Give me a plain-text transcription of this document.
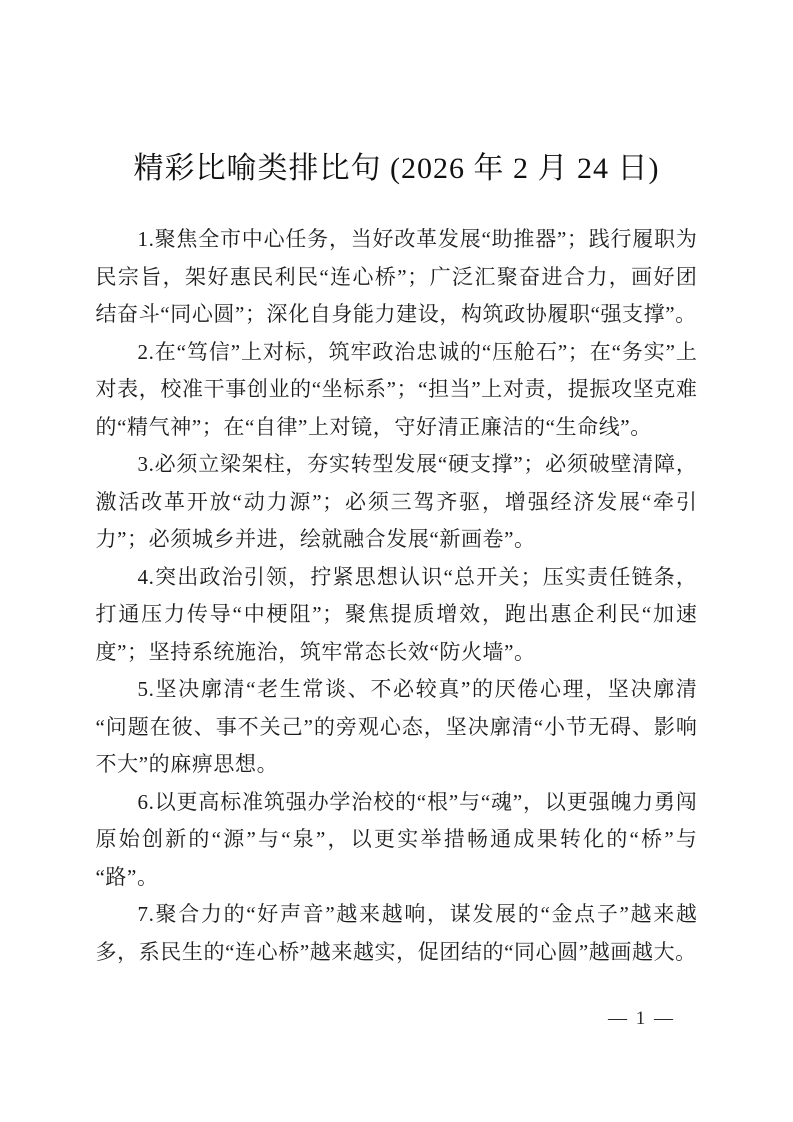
精彩比喻类排比句 (2026 年 2 月 24 日)

1.聚焦全市中心任务，当好改革发展“助推器”；践行履职为民宗旨，架好惠民利民“连心桥”；广泛汇聚奋进合力，画好团结奋斗“同心圆”；深化自身能力建设，构筑政协履职“强支撑”。

2.在“笃信”上对标，筑牢政治忠诚的“压舱石”；在“务实”上对表，校准干事创业的“坐标系”；“担当”上对责，提振攻坚克难的“精气神”；在“自律”上对镜，守好清正廉洁的“生命线”。

3.必须立梁架柱，夯实转型发展“硬支撑”；必须破壁清障，激活改革开放“动力源”；必须三驾齐驱，增强经济发展“牵引力”；必须城乡并进，绘就融合发展“新画卷”。

4.突出政治引领，拧紧思想认识“总开关；压实责任链条，打通压力传导“中梗阻”；聚焦提质增效，跑出惠企利民“加速度”；坚持系统施治，筑牢常态长效“防火墙”。

5.坚决廓清“老生常谈、不必较真”的厌倦心理，坚决廓清“问题在彼、事不关己”的旁观心态，坚决廓清“小节无碍、影响不大”的麻痹思想。

6.以更高标准筑强办学治校的“根”与“魂”，以更强魄力勇闯原始创新的“源”与“泉”，以更实举措畅通成果转化的“桥”与“路”。

7.聚合力的“好声音”越来越响，谋发展的“金点子”越来越多，系民生的“连心桥”越来越实，促团结的“同心圆”越画越大。

— 1 —
